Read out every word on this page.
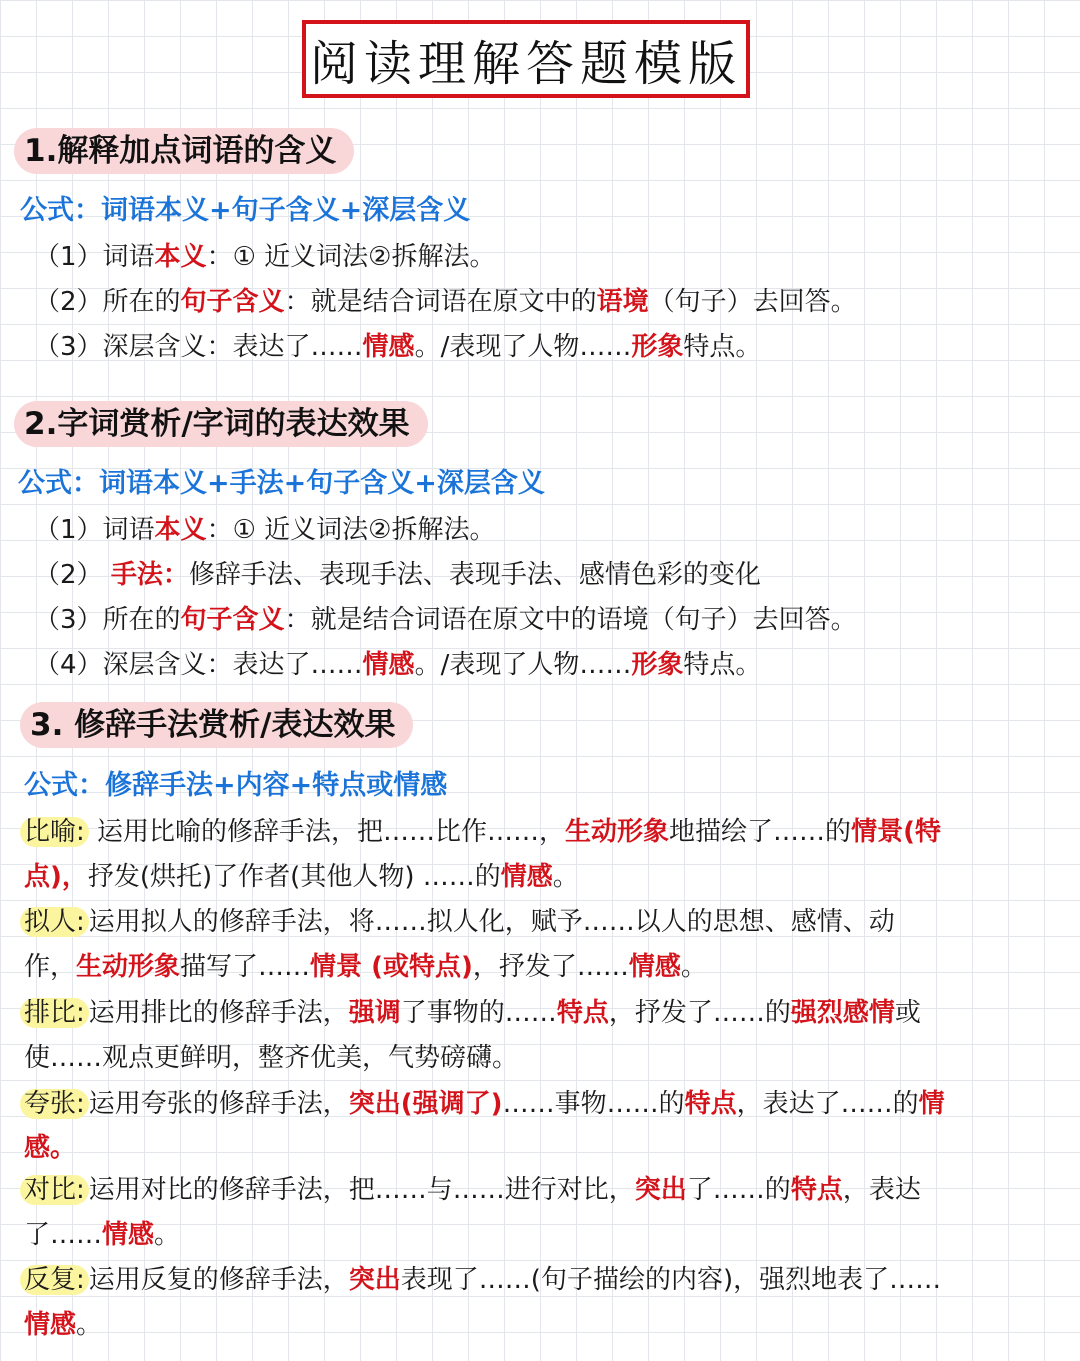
阅读理解答题模版
1.解释加点词语的含义
公式：词语本义+句子含义+深层含义
（1）词语本义：① 近义词法②拆解法。
（2）所在的句子含义：就是结合词语在原文中的语境（句子）去回答。
（3）深层含义：表达了……情感。/表现了人物……形象特点。
2.字词赏析/字词的表达效果
公式：词语本义+手法+句子含义+深层含义
（1）词语本义：① 近义词法②拆解法。
（2） 手法：修辞手法、表现手法、表现手法、感情色彩的变化
（3）所在的句子含义：就是结合词语在原文中的语境（句子）去回答。
（4）深层含义：表达了……情感。/表现了人物……形象特点。
3. 修辞手法赏析/表达效果
公式：修辞手法+内容+特点或情感
比喻: 运用比喻的修辞手法，把……比作……，生动形象地描绘了……的情景(特
点)，抒发(烘托)了作者(其他人物) ……的情感。
拟人: 运用拟人的修辞手法，将……拟人化，赋予……以人的思想、感情、动
作，生动形象描写了……情景 (或特点)，抒发了……情感。
排比: 运用排比的修辞手法，强调了事物的……特点，抒发了……的强烈感情或
使……观点更鲜明，整齐优美，气势磅礴。
夸张: 运用夸张的修辞手法，突出(强调了)……事物……的特点，表达了……的情
感。
对比: 运用对比的修辞手法，把……与……进行对比，突出了……的特点，表达
了……情感。
反复: 运用反复的修辞手法，突出表现了……(句子描绘的内容)，强烈地表了……
情感。
